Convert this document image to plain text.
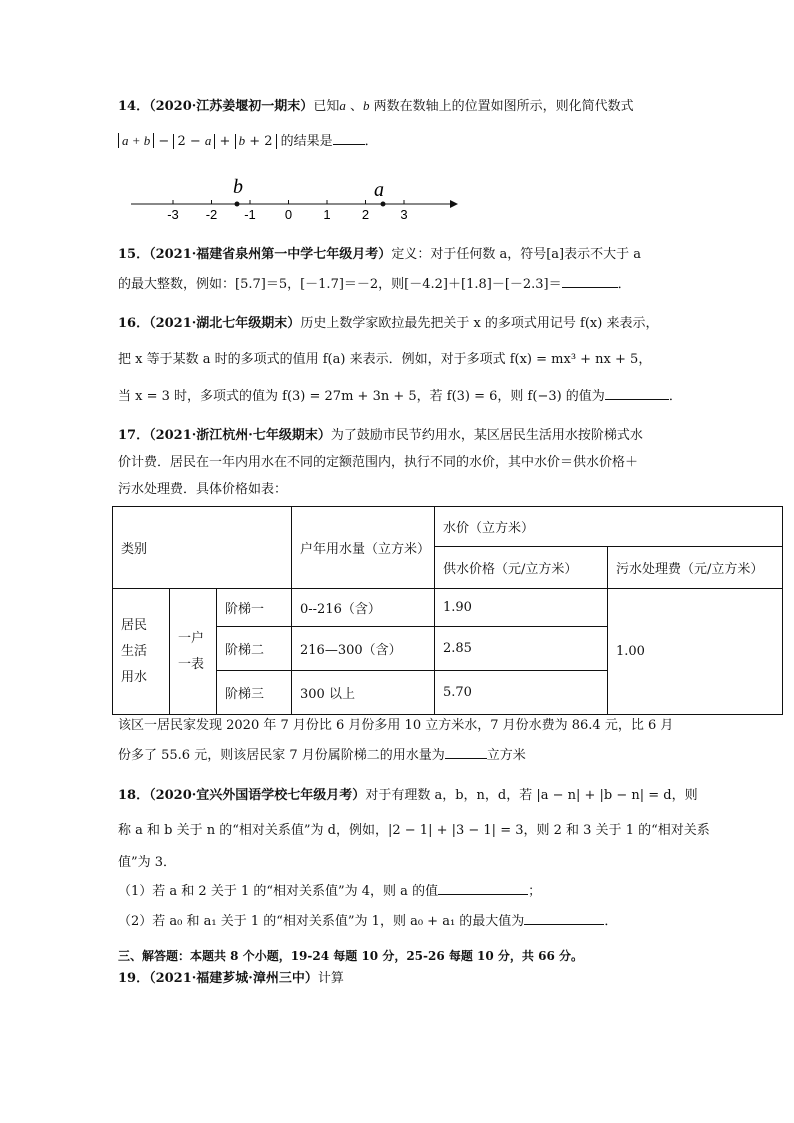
14．（2020·江苏姜堰初一期末）已知a 、b 两数在数轴上的位置如图所示，则化简代数式
a + b − 2 − a + b + 2 的结果是 ．
-3 -2 -1 0 1 2 3
b	a
15．（2021·福建省泉州第一中学七年级月考）定义：对于任何数 a，符号[a]表示不大于 a
的最大整数，例如：[5.7]＝5，[－1.7]＝－2，则[－4.2]＋[1.8]－[－2.3]＝	．
16．（2021·湖北七年级期末）历史上数学家欧拉最先把关于 x 的多项式用记号 f(x) 来表示，
把 x 等于某数 a 时的多项式的值用 f(a) 来表示．例如，对于多项式 f(x) = mx³ + nx + 5，
当 x = 3 时，多项式的值为 f(3) = 27m + 3n + 5，若 f(3) = 6，则 f(−3) 的值为	．
17．（2021·浙江杭州·七年级期末）为了鼓励市民节约用水，某区居民生活用水按阶梯式水
价计费．居民在一年内用水在不同的定额范围内，执行不同的水价，其中水价＝供水价格＋
污水处理费．具体价格如表：
类别			户年用水量（立方米）	水价（立方米）	
				供水价格（元/立方米）	污水处理费（元/立方米）
居民生活用水	一户一表	阶梯一	0--216（含）	1.90	1.00
		阶梯二	216—300（含）	2.85	
		阶梯三	300 以上	5.70	
该区一居民家发现 2020 年 7 月份比 6 月份多用 10 立方米水，7 月份水费为 86.4 元，比 6 月
份多了 55.6 元，则该居民家 7 月份属阶梯二的用水量为	立方米
18．（2020·宜兴外国语学校七年级月考）对于有理数 a，b，n，d，若 |a − n| + |b − n| = d，则
称 a 和 b 关于 n 的“相对关系值”为 d，例如，|2 − 1| + |3 − 1| = 3，则 2 和 3 关于 1 的“相对关系
值”为 3．
（1）若 a 和 2 关于 1 的“相对关系值”为 4，则 a 的值	；
（2）若 a₀ 和 a₁ 关于 1 的“相对关系值”为 1，则 a₀ + a₁ 的最大值为	．
三、解答题：本题共 8 个小题，19-24 每题 10 分，25-26 每题 10 分，共 66 分。
19．（2021·福建芗城·漳州三中）计算
